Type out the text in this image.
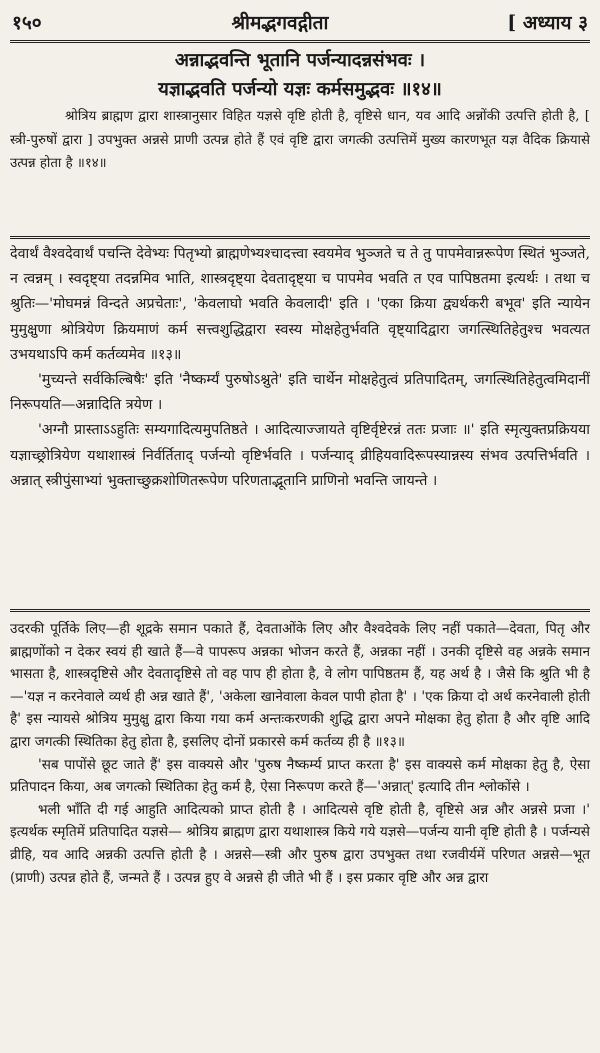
१५०	श्रीमद्भगवद्गीता	[ अध्याय ३
अन्नाद्भवन्ति भूतानि पर्जन्यादन्नसंभवः ।
यज्ञाद्भवति पर्जन्यो यज्ञः कर्मसमुद्भवः ॥१४॥

श्रोत्रिय ब्राह्मण द्वारा शास्त्रानुसार विहित यज्ञसे वृष्टि होती है, वृष्टिसे धान, यव आदि अन्नोंकी उत्पत्ति होती है, [ स्त्री-पुरुषों द्वारा ] उपभुक्त अन्नसे प्राणी उत्पन्न होते हैं एवं वृष्टि द्वारा जगत्की उत्पत्तिमें मुख्य कारणभूत यज्ञ वैदिक क्रियासे उत्पन्न होता है ॥१४॥

देवार्थं वैश्वदेवार्थं पचन्ति देवेभ्यः पितृभ्यो ब्राह्मणेभ्यश्चादत्त्वा स्वयमेव भुञ्जते च ते तु पापमेवान्नरूपेण स्थितं भुञ्जते, न त्वन्नम् । स्वदृष्ट्या तदन्नमिव भाति, शास्त्रदृष्ट्या देवतादृष्ट्या च पापमेव भवति त एव पापिष्ठतमा इत्यर्थः । तथा च श्रुतिः—'मोघमन्नं विन्दते अप्रचेताः', 'केवलाघो भवति केवलादी' इति । 'एका क्रिया द्व्यर्थकरी बभूव' इति न्यायेन मुमुक्षुणा श्रोत्रियेण क्रियमाणं कर्म सत्त्वशुद्धिद्वारा स्वस्य मोक्षहेतुर्भवति वृष्ट्यादिद्वारा जगत्स्थितिहेतुश्च भवत्यत उभयथाऽपि कर्म कर्तव्यमेव ॥१३॥

'मुच्यन्ते सर्वकिल्बिषैः' इति 'नैष्कर्म्यं पुरुषोऽश्नुते' इति चार्थेन मोक्षहेतुत्वं प्रतिपादितम्, जगत्स्थितिहेतुत्वमिदानीं निरूपयति—अन्नादिति त्रयेण ।

'अग्नौ प्रास्ताऽऽहुतिः सम्यगादित्यमुपतिष्ठते । आदित्याज्जायते वृष्टिर्वृष्टेरन्नं ततः प्रजाः ॥' इति स्मृत्युक्तप्रक्रियया यज्ञाच्छ्रोत्रियेण यथाशास्त्रं निर्वर्तिताद् पर्जन्यो वृष्टिर्भवति । पर्जन्याद् व्रीहियवादिरूपस्यान्नस्य संभव उत्पत्तिर्भवति । अन्नात् स्त्रीपुंसाभ्यां भुक्ताच्छुक्रशोणितरूपेण परिणताद्भूतानि प्राणिनो भवन्ति जायन्ते ।

उदरकी पूर्तिके लिए—ही शूद्रके समान पकाते हैं, देवताओंके लिए और वैश्वदेवके लिए नहीं पकाते—देवता, पितृ और ब्राह्मणोंको न देकर स्वयं ही खाते हैं—वे पापरूप अन्नका भोजन करते हैं, अन्नका नहीं । उनकी दृष्टिसे वह अन्नके समान भासता है, शास्त्रदृष्टिसे और देवतादृष्टिसे तो वह पाप ही होता है, वे लोग पापिष्ठतम हैं, यह अर्थ है । जैसे कि श्रुति भी है—'यज्ञ न करनेवाले व्यर्थ ही अन्न खाते हैं', 'अकेला खानेवाला केवल पापी होता है' । 'एक क्रिया दो अर्थ करनेवाली होती है' इस न्यायसे श्रोत्रिय मुमुक्षु द्वारा किया गया कर्म अन्तःकरणकी शुद्धि द्वारा अपने मोक्षका हेतु होता है और वृष्टि आदि द्वारा जगत्की स्थितिका हेतु होता है, इसलिए दोनों प्रकारसे कर्म कर्तव्य ही है ॥१३॥

'सब पापोंसे छूट जाते हैं' इस वाक्यसे और 'पुरुष नैष्कर्म्य प्राप्त करता है' इस वाक्यसे कर्म मोक्षका हेतु है, ऐसा प्रतिपादन किया, अब जगत्को स्थितिका हेतु कर्म है, ऐसा निरूपण करते हैं—'अन्नात्' इत्यादि तीन श्लोकोंसे ।

भली भाँति दी गई आहुति आदित्यको प्राप्त होती है । आदित्यसे वृष्टि होती है, वृष्टिसे अन्न और अन्नसे प्रजा ।' इत्यर्थक स्मृतिमें प्रतिपादित यज्ञसे— श्रोत्रिय ब्राह्मण द्वारा यथाशास्त्र किये गये यज्ञसे—पर्जन्य यानी वृष्टि होती है । पर्जन्यसे व्रीहि, यव आदि अन्नकी उत्पत्ति होती है । अन्नसे—स्त्री और पुरुष द्वारा उपभुक्त तथा रजवीर्यमें परिणत अन्नसे—भूत (प्राणी) उत्पन्न होते हैं, जन्मते हैं । उत्पन्न हुए वे अन्नसे ही जीते भी हैं । इस प्रकार वृष्टि और अन्न द्वारा
